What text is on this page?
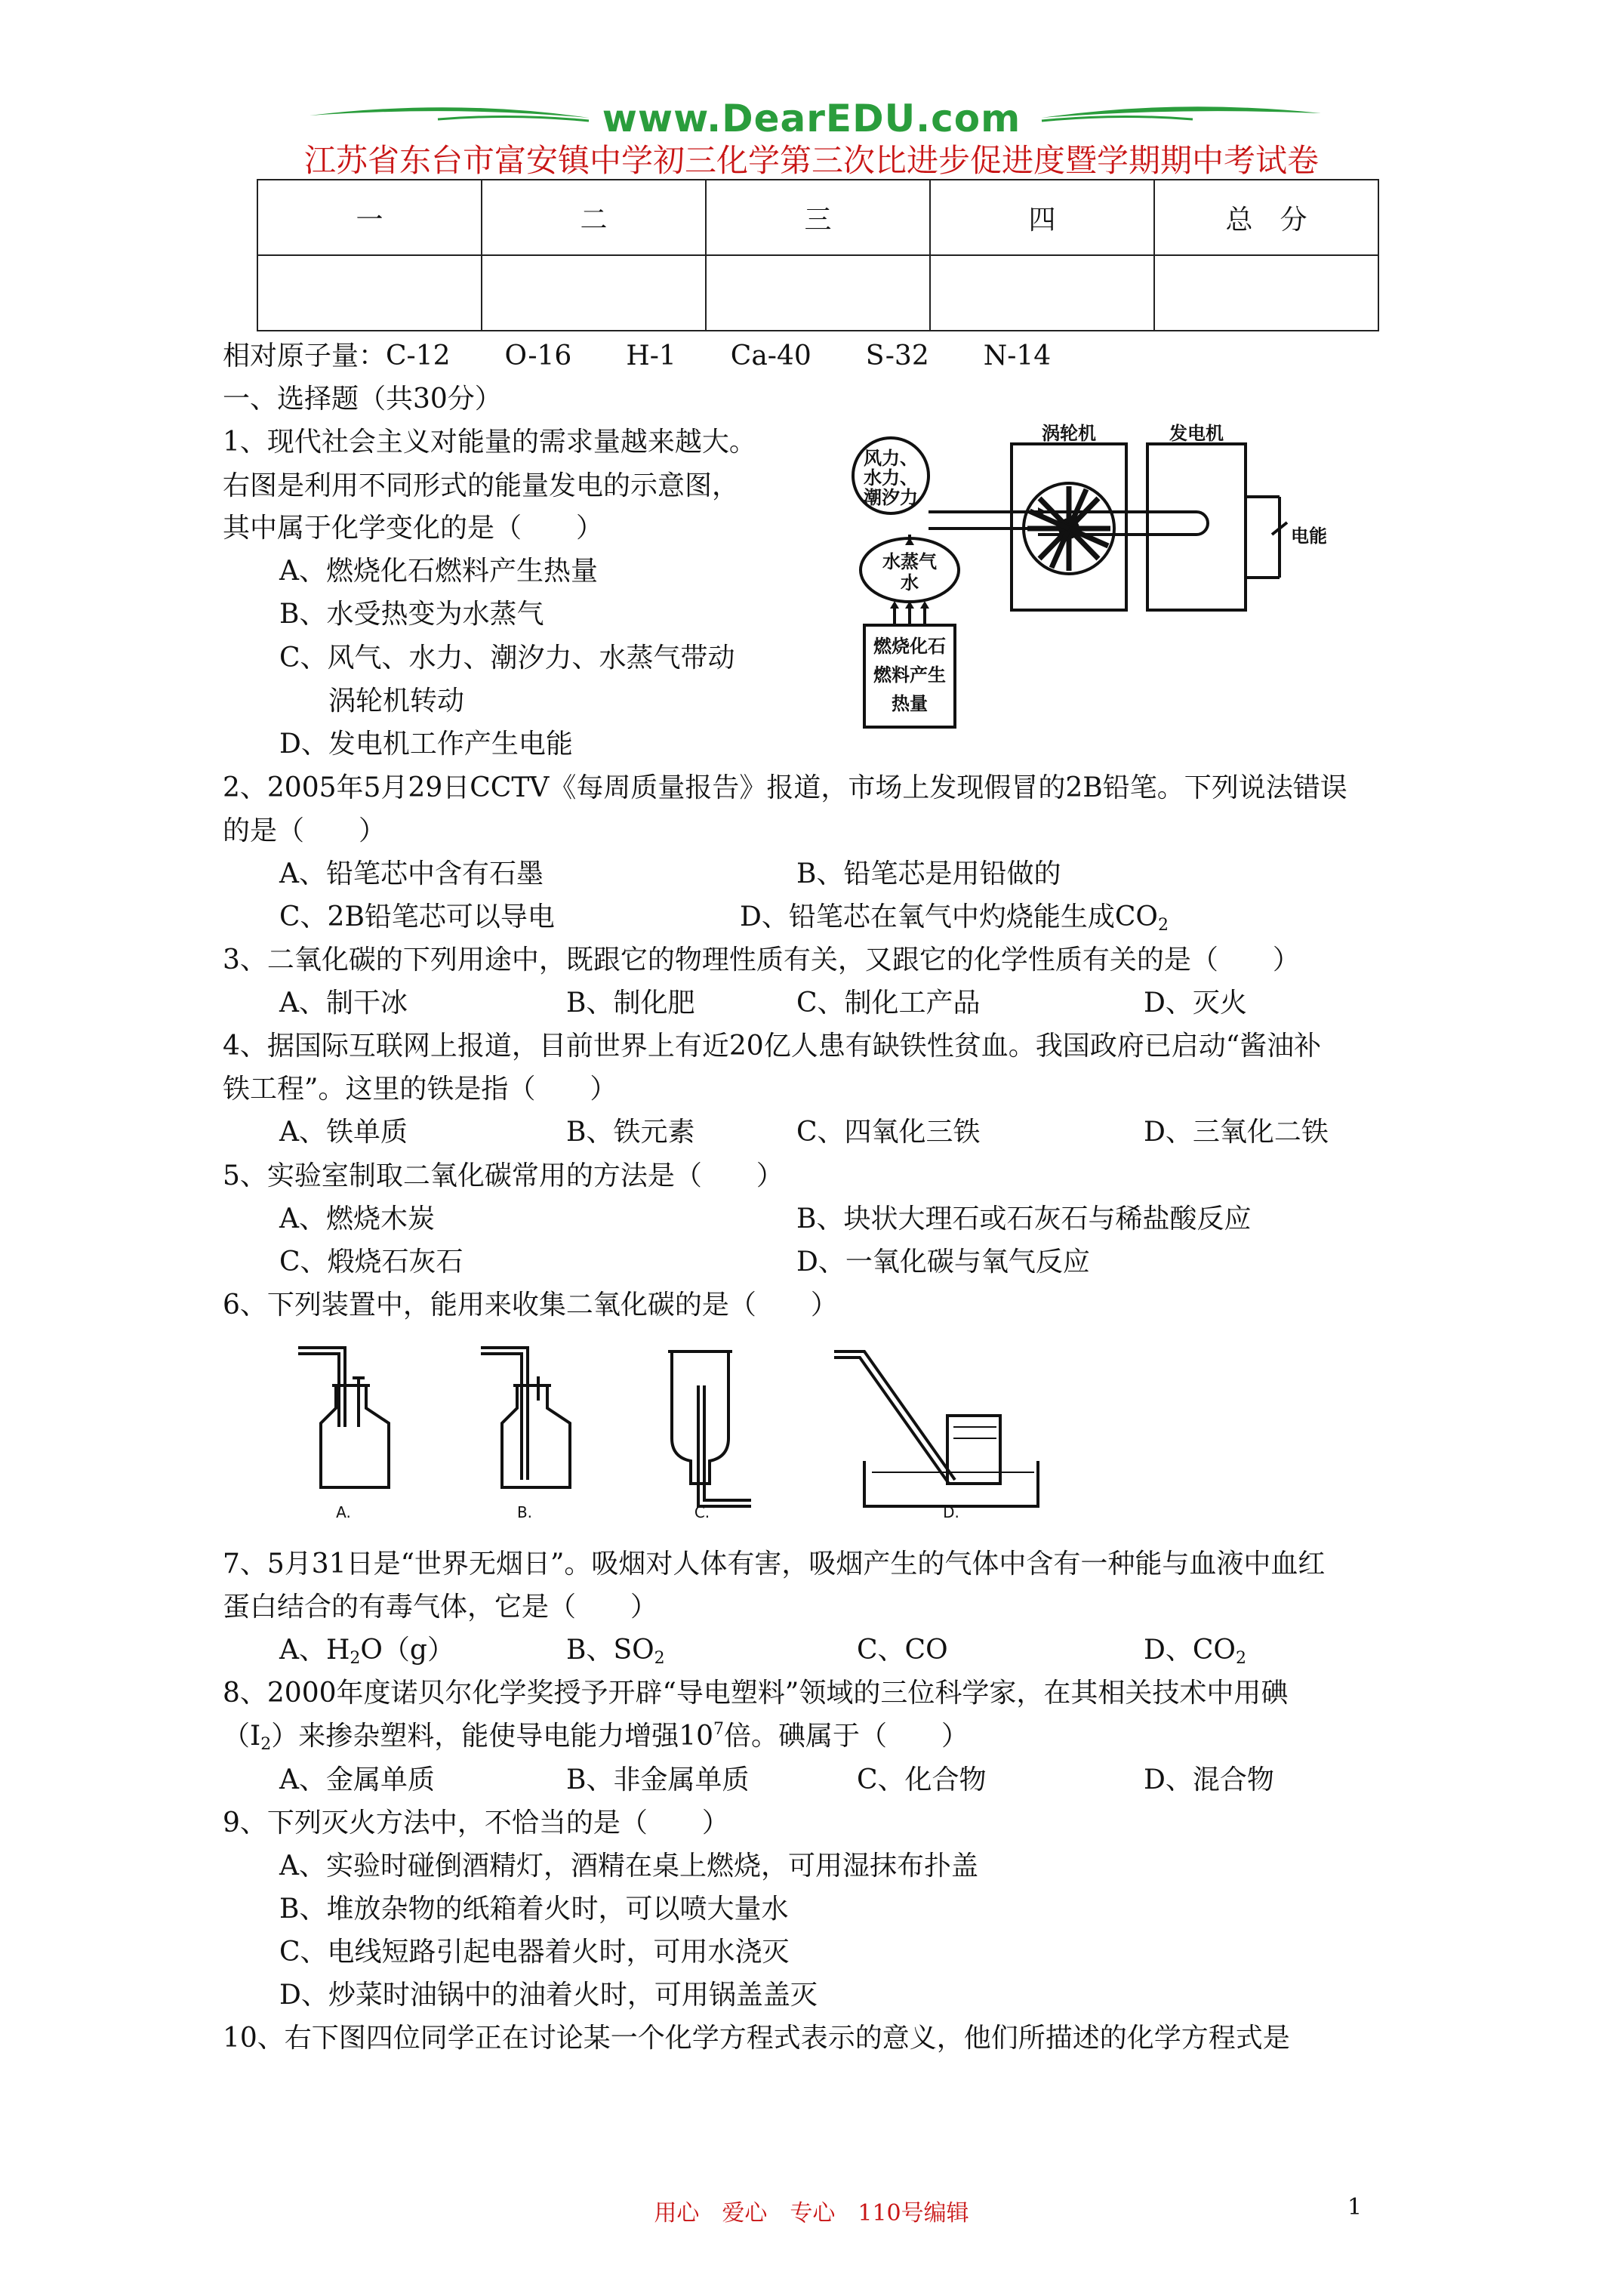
www.DearEDU.com
江苏省东台市富安镇中学初三化学第三次比进步促进度暨学期期中考试卷
一	二	三	四	总　分

相对原子量：C-12　　O-16　　H-1　　Ca-40　　S-32　　N-14
一、选择题（共30分）
1、现代社会主义对能量的需求量越来越大。
右图是利用不同形式的能量发电的示意图，
其中属于化学变化的是（　　）
A、燃烧化石燃料产生热量
B、水受热变为水蒸气
C、风气、水力、潮汐力、水蒸气带动
涡轮机转动
D、发电机工作产生电能
风力、
水力、
潮汐力
涡轮机	发电机
电能
水蒸气
水
燃烧化石
燃料产生
热量
2、2005年5月29日CCTV《每周质量报告》报道，市场上发现假冒的2B铅笔。下列说法错误
的是（　　）
A、铅笔芯中含有石墨	B、铅笔芯是用铅做的
C、2B铅笔芯可以导电	D、铅笔芯在氧气中灼烧能生成$CO_2$
3、二氧化碳的下列用途中，既跟它的物理性质有关，又跟它的化学性质有关的是（　　）
A、制干冰	B、制化肥	C、制化工产品	D、灭火
4、据国际互联网上报道，目前世界上有近20亿人患有缺铁性贫血。我国政府已启动“酱油补
铁工程”。这里的铁是指（　　）
A、铁单质	B、铁元素	C、四氧化三铁	D、三氧化二铁
5、实验室制取二氧化碳常用的方法是（　　）
A、燃烧木炭	B、块状大理石或石灰石与稀盐酸反应
C、煅烧石灰石	D、一氧化碳与氧气反应
6、下列装置中，能用来收集二氧化碳的是（　　）
A.	B.	C.	D.
7、5月31日是“世界无烟日”。吸烟对人体有害，吸烟产生的气体中含有一种能与血液中血红
蛋白结合的有毒气体，它是（　　）
A、$H_2O(g)$	B、$SO_2$	C、CO	D、$CO_2$
8、2000年度诺贝尔化学奖授予开辟“导电塑料”领域的三位科学家，在其相关技术中用碘
$(I_2)$来掺杂塑料，能使导电能力增强$10^7$倍。碘属于（　　）
A、金属单质	B、非金属单质	C、化合物	D、混合物
9、下列灭火方法中，不恰当的是（　　）
A、实验时碰倒酒精灯，酒精在桌上燃烧，可用湿抹布扑盖
B、堆放杂物的纸箱着火时，可以喷大量水
C、电线短路引起电器着火时，可用水浇灭
D、炒菜时油锅中的油着火时，可用锅盖盖灭
10、右下图四位同学正在讨论某一个化学方程式表示的意义，他们所描述的化学方程式是
用心　爱心　专心　110号编辑	1
